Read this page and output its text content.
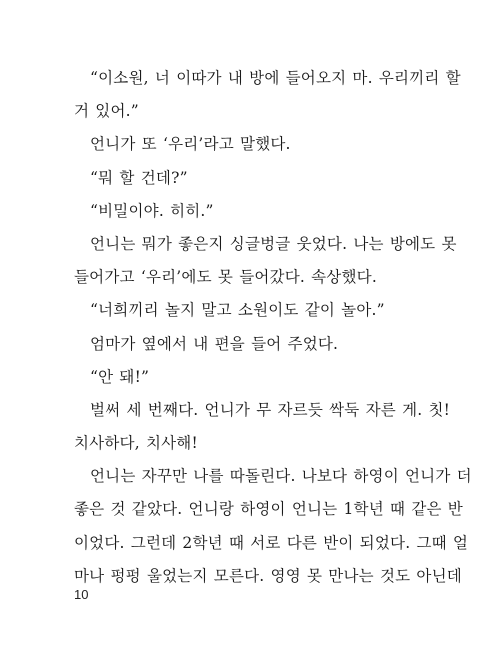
“이소원, 너 이따가 내 방에 들어오지 마. 우리끼리 할
거 있어.”
언니가 또 ‘우리’라고 말했다.
“뭐 할 건데?”
“비밀이야. 히히.”
언니는 뭐가 좋은지 싱글벙글 웃었다. 나는 방에도 못
들어가고 ‘우리’에도 못 들어갔다. 속상했다.
“너희끼리 놀지 말고 소원이도 같이 놀아.”
엄마가 옆에서 내 편을 들어 주었다.
“안 돼!”
벌써 세 번째다. 언니가 무 자르듯 싹둑 자른 게. 칫!
치사하다, 치사해!
언니는 자꾸만 나를 따돌린다. 나보다 하영이 언니가 더
좋은 것 같았다. 언니랑 하영이 언니는 1학년 때 같은 반
이었다. 그런데 2학년 때 서로 다른 반이 되었다. 그때 얼
마나 펑펑 울었는지 모른다. 영영 못 만나는 것도 아닌데
10
